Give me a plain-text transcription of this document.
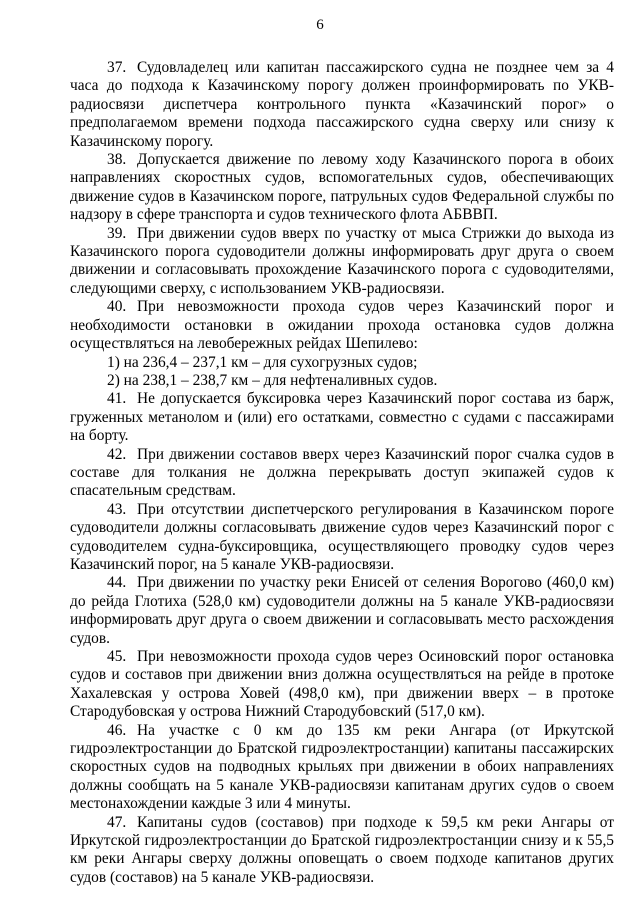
6

37. Судовладелец или капитан пассажирского судна не позднее чем за 4 часа до подхода к Казачинскому порогу должен проинформировать по УКВ-радиосвязи диспетчера контрольного пункта «Казачинский порог» о предполагаемом времени подхода пассажирского судна сверху или снизу к Казачинскому порогу.

38. Допускается движение по левому ходу Казачинского порога в обоих направлениях скоростных судов, вспомогательных судов, обеспечивающих движение судов в Казачинском пороге, патрульных судов Федеральной службы по надзору в сфере транспорта и судов технического флота АБВВП.

39. При движении судов вверх по участку от мыса Стрижки до выхода из Казачинского порога судоводители должны информировать друг друга о своем движении и согласовывать прохождение Казачинского порога с судоводителями, следующими сверху, с использованием УКВ-радиосвязи.

40. При невозможности прохода судов через Казачинский порог и необходимости остановки в ожидании прохода остановка судов должна осуществляться на левобережных рейдах Шепилево:

1) на 236,4 – 237,1 км – для сухогрузных судов;

2) на 238,1 – 238,7 км – для нефтеналивных судов.

41. Не допускается буксировка через Казачинский порог состава из барж, груженных метанолом и (или) его остатками, совместно с судами с пассажирами на борту.

42. При движении составов вверх через Казачинский порог счалка судов в составе для толкания не должна перекрывать доступ экипажей судов к спасательным средствам.

43. При отсутствии диспетчерского регулирования в Казачинском пороге судоводители должны согласовывать движение судов через Казачинский порог с судоводителем судна-буксировщика, осуществляющего проводку судов через Казачинский порог, на 5 канале УКВ-радиосвязи.

44. При движении по участку реки Енисей от селения Ворогово (460,0 км) до рейда Глотиха (528,0 км) судоводители должны на 5 канале УКВ-радиосвязи информировать друг друга о своем движении и согласовывать место расхождения судов.

45. При невозможности прохода судов через Осиновский порог остановка судов и составов при движении вниз должна осуществляться на рейде в протоке Хахалевская у острова Ховей (498,0 км), при движении вверх – в протоке Стародубовская у острова Нижний Стародубовский (517,0 км).

46. На участке с 0 км до 135 км реки Ангара (от Иркутской гидроэлектростанции до Братской гидроэлектростанции) капитаны пассажирских скоростных судов на подводных крыльях при движении в обоих направлениях должны сообщать на 5 канале УКВ-радиосвязи капитанам других судов о своем местонахождении каждые 3 или 4 минуты.

47. Капитаны судов (составов) при подходе к 59,5 км реки Ангары от Иркутской гидроэлектростанции до Братской гидроэлектростанции снизу и к 55,5 км реки Ангары сверху должны оповещать о своем подходе капитанов других судов (составов) на 5 канале УКВ-радиосвязи.
